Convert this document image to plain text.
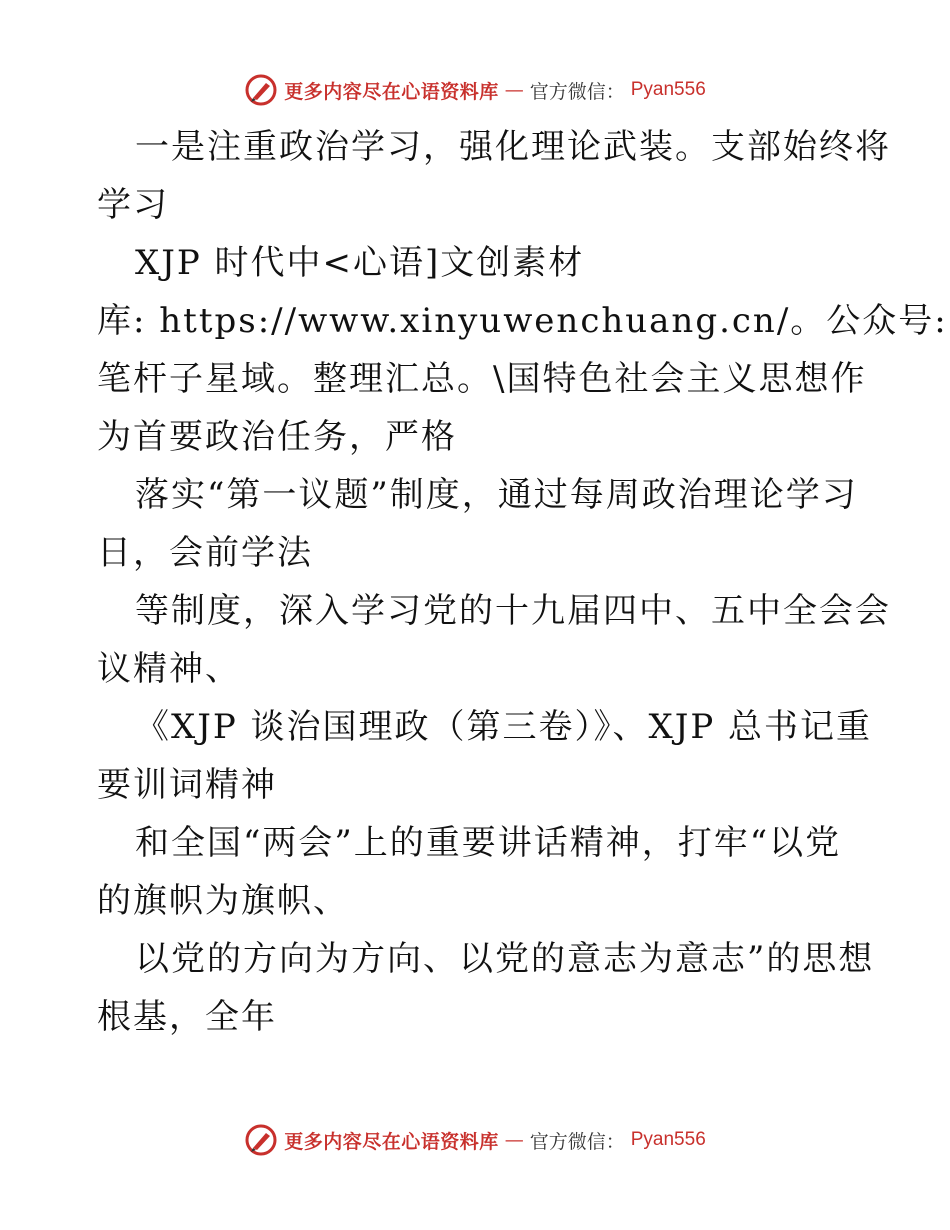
更多内容尽在心语资料库 — 官方微信： Pyan556
一是注重政治学习，强化理论武装。支部始终将
学习
XJP 时代中<心语]文创素材
库: https://www.xinyuwenchuang.cn/。公众号:
笔杆子星域。整理汇总。\国特色社会主义思想作
为首要政治任务，严格
落实“第一议题”制度，通过每周政治理论学习
日，会前学法
等制度，深入学习党的十九届四中、五中全会会
议精神、
《XJP 谈治国理政（第三卷）》、XJP 总书记重
要训词精神
和全国“两会”上的重要讲话精神，打牢“以党
的旗帜为旗帜、
以党的方向为方向、以党的意志为意志”的思想
根基，全年
更多内容尽在心语资料库 — 官方微信： Pyan556
